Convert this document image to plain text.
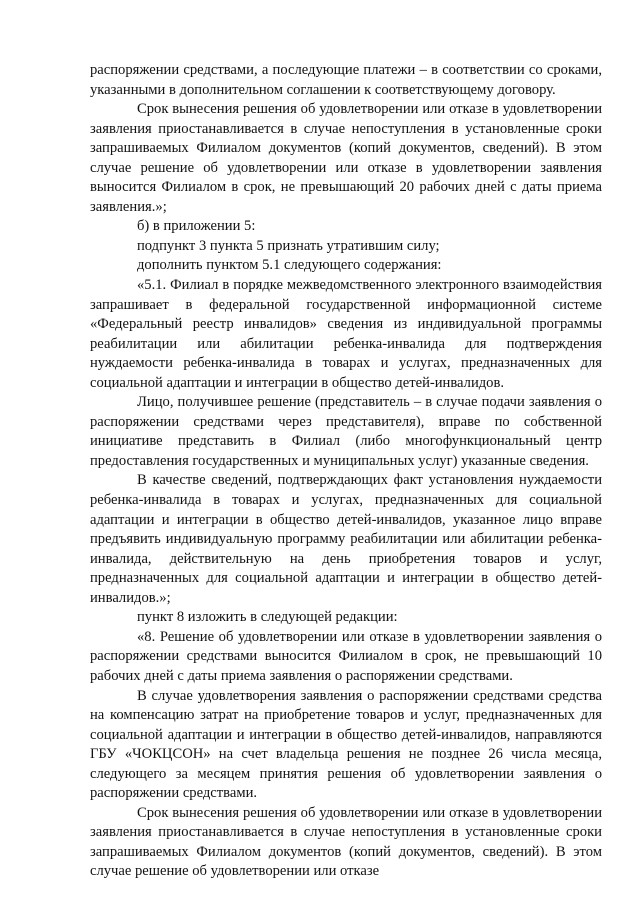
распоряжении средствами, а последующие платежи – в соответствии со сроками, указанными в дополнительном соглашении к соответствующему договору.

Срок вынесения решения об удовлетворении или отказе в удовлетворении заявления приостанавливается в случае непоступления в установленные сроки запрашиваемых Филиалом документов (копий документов, сведений). В этом случае решение об удовлетворении или отказе в удовлетворении заявления выносится Филиалом в срок, не превышающий 20 рабочих дней с даты приема заявления.»;

б) в приложении 5:

подпункт 3 пункта 5 признать утратившим силу;

дополнить пунктом 5.1 следующего содержания:

«5.1. Филиал в порядке межведомственного электронного взаимодействия запрашивает в федеральной государственной информационной системе «Федеральный реестр инвалидов» сведения из индивидуальной программы реабилитации или абилитации ребенка-инвалида для подтверждения нуждаемости ребенка-инвалида в товарах и услугах, предназначенных для социальной адаптации и интеграции в общество детей-инвалидов.

Лицо, получившее решение (представитель – в случае подачи заявления о распоряжении средствами через представителя), вправе по собственной инициативе представить в Филиал (либо многофункциональный центр предоставления государственных и муниципальных услуг) указанные сведения.

В качестве сведений, подтверждающих факт установления нуждаемости ребенка-инвалида в товарах и услугах, предназначенных для социальной адаптации и интеграции в общество детей-инвалидов, указанное лицо вправе предъявить индивидуальную программу реабилитации или абилитации ребенка-инвалида, действительную на день приобретения товаров и услуг, предназначенных для социальной адаптации и интеграции в общество детей-инвалидов.»;

пункт 8 изложить в следующей редакции:

«8. Решение об удовлетворении или отказе в удовлетворении заявления о распоряжении средствами выносится Филиалом в срок, не превышающий 10 рабочих дней с даты приема заявления о распоряжении средствами.

В случае удовлетворения заявления о распоряжении средствами средства на компенсацию затрат на приобретение товаров и услуг, предназначенных для социальной адаптации и интеграции в общество детей-инвалидов, направляются ГБУ «ЧОКЦСОН» на счет владельца решения не позднее 26 числа месяца, следующего за месяцем принятия решения об удовлетворении заявления о распоряжении средствами.

Срок вынесения решения об удовлетворении или отказе в удовлетворении заявления приостанавливается в случае непоступления в установленные сроки запрашиваемых Филиалом документов (копий документов, сведений). В этом случае решение об удовлетворении или отказе
